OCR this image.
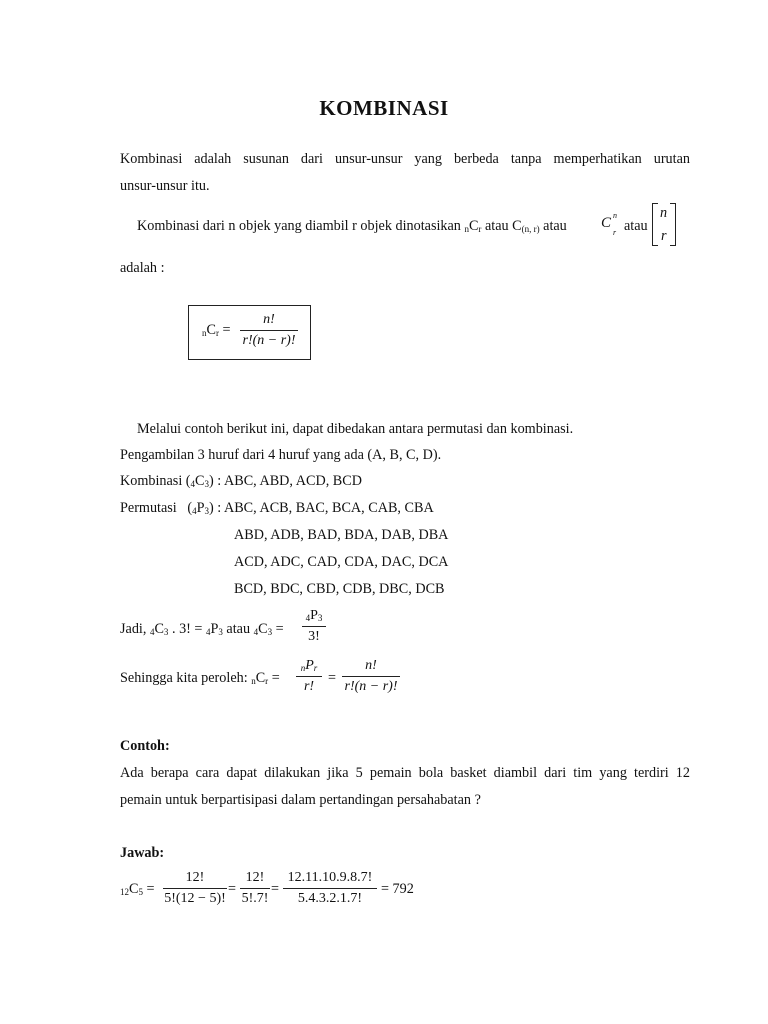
KOMBINASI
Kombinasi adalah susunan dari unsur-unsur yang berbeda tanpa memperhatikan urutan
unsur-unsur itu.
Kombinasi dari n objek yang diambil r objek dinotasikan $_nC_r$ atau $C_{(n, r)}$ atau C n
r atau
n
r
adalah :
$_nC_r$ =
n!
r!(n − r)!
Melalui contoh berikut ini, dapat dibedakan antara permutasi dan kombinasi.
Pengambilan 3 huruf dari 4 huruf yang ada (A, B, C, D).
Kombinasi $(_4C_3)$ : ABC, ABD, ACD, BCD
Permutasi   $(_4P_3)$ : ABC, ACB, BAC, BCA, CAB, CBA
ABD, ADB, BAD, BDA, DAB, DBA
ACD, ADC, CAD, CDA, DAC, DCA
BCD, BDC, CBD, CDB, DBC, DCB
Jadi, $_4C_3$ . 3! = $_4P_3$ atau $_4C_3$ =
$_4P_3$
3!
Sehingga kita peroleh: $_nC_r$ =
$_nP_r$
r!
=
n!
r!(n − r)!
Contoh:
Ada berapa cara dapat dilakukan jika 5 pemain bola basket diambil dari tim yang terdiri 12
pemain untuk berpartisipasi dalam pertandingan persahabatan ?
Jawab:
$_{12}C_5$ =
12!
5!(12 − 5)!
=
12!
5!.7!
=
12.11.10.9.8.7!
5.4.3.2.1.7!
= 792
